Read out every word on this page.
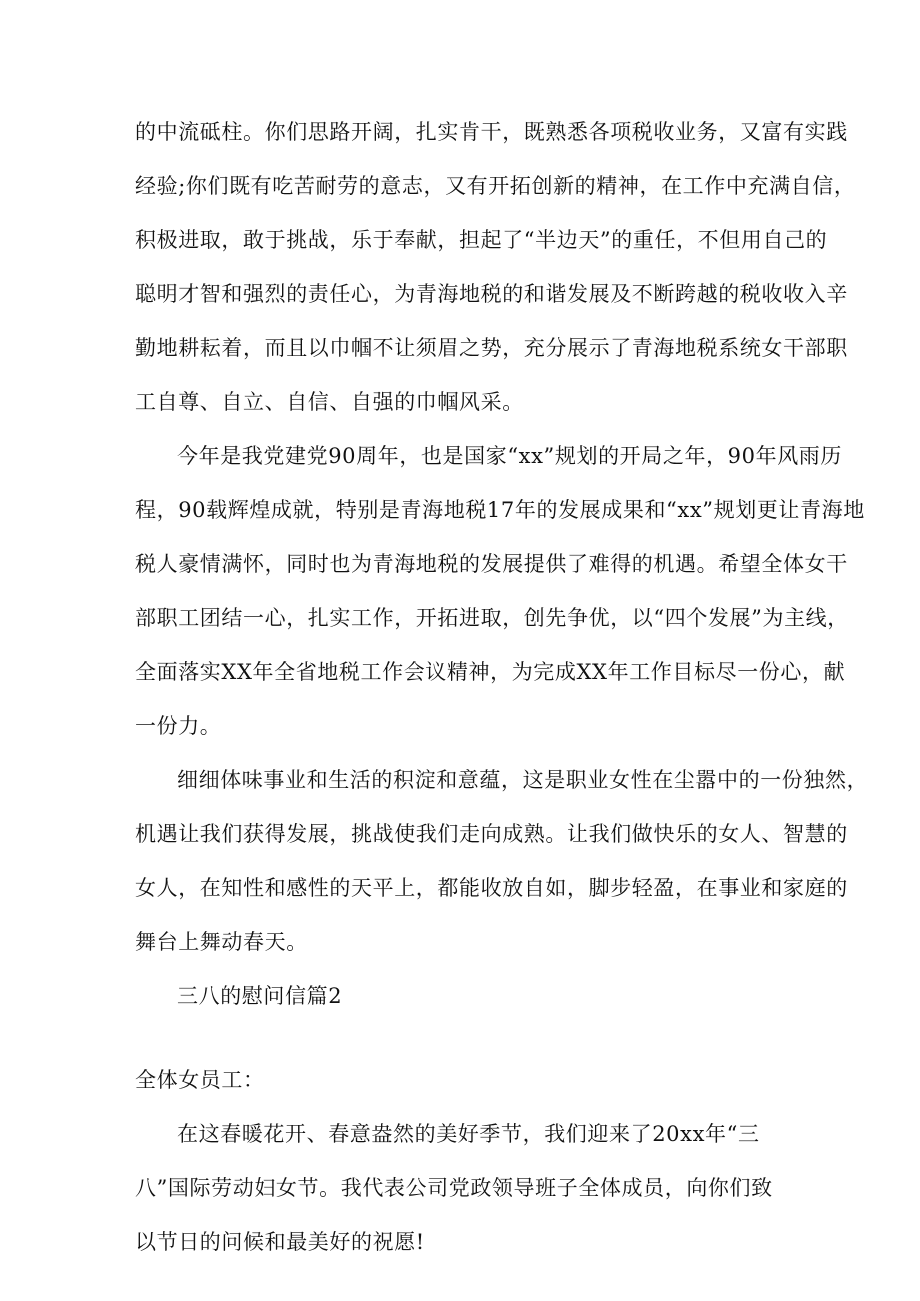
的中流砥柱。你们思路开阔，扎实肯干，既熟悉各项税收业务，又富有实践
经验;你们既有吃苦耐劳的意志，又有开拓创新的精神，在工作中充满自信，
积极进取，敢于挑战，乐于奉献，担起了“半边天”的重任，不但用自己的
聪明才智和强烈的责任心，为青海地税的和谐发展及不断跨越的税收收入辛
勤地耕耘着，而且以巾帼不让须眉之势，充分展示了青海地税系统女干部职
工自尊、自立、自信、自强的巾帼风采。
今年是我党建党90周年，也是国家“xx”规划的开局之年，90年风雨历
程，90载辉煌成就，特别是青海地税17年的发展成果和“xx”规划更让青海地
税人豪情满怀，同时也为青海地税的发展提供了难得的机遇。希望全体女干
部职工团结一心，扎实工作，开拓进取，创先争优，以“四个发展”为主线，
全面落实XX年全省地税工作会议精神，为完成XX年工作目标尽一份心，献
一份力。
细细体味事业和生活的积淀和意蕴，这是职业女性在尘嚣中的一份独然，
机遇让我们获得发展，挑战使我们走向成熟。让我们做快乐的女人、智慧的
女人，在知性和感性的天平上，都能收放自如，脚步轻盈，在事业和家庭的
舞台上舞动春天。
三八的慰问信篇2
全体女员工：
在这春暖花开、春意盎然的美好季节，我们迎来了20xx年“三
八”国际劳动妇女节。我代表公司党政领导班子全体成员，向你们致
以节日的问候和最美好的祝愿!
